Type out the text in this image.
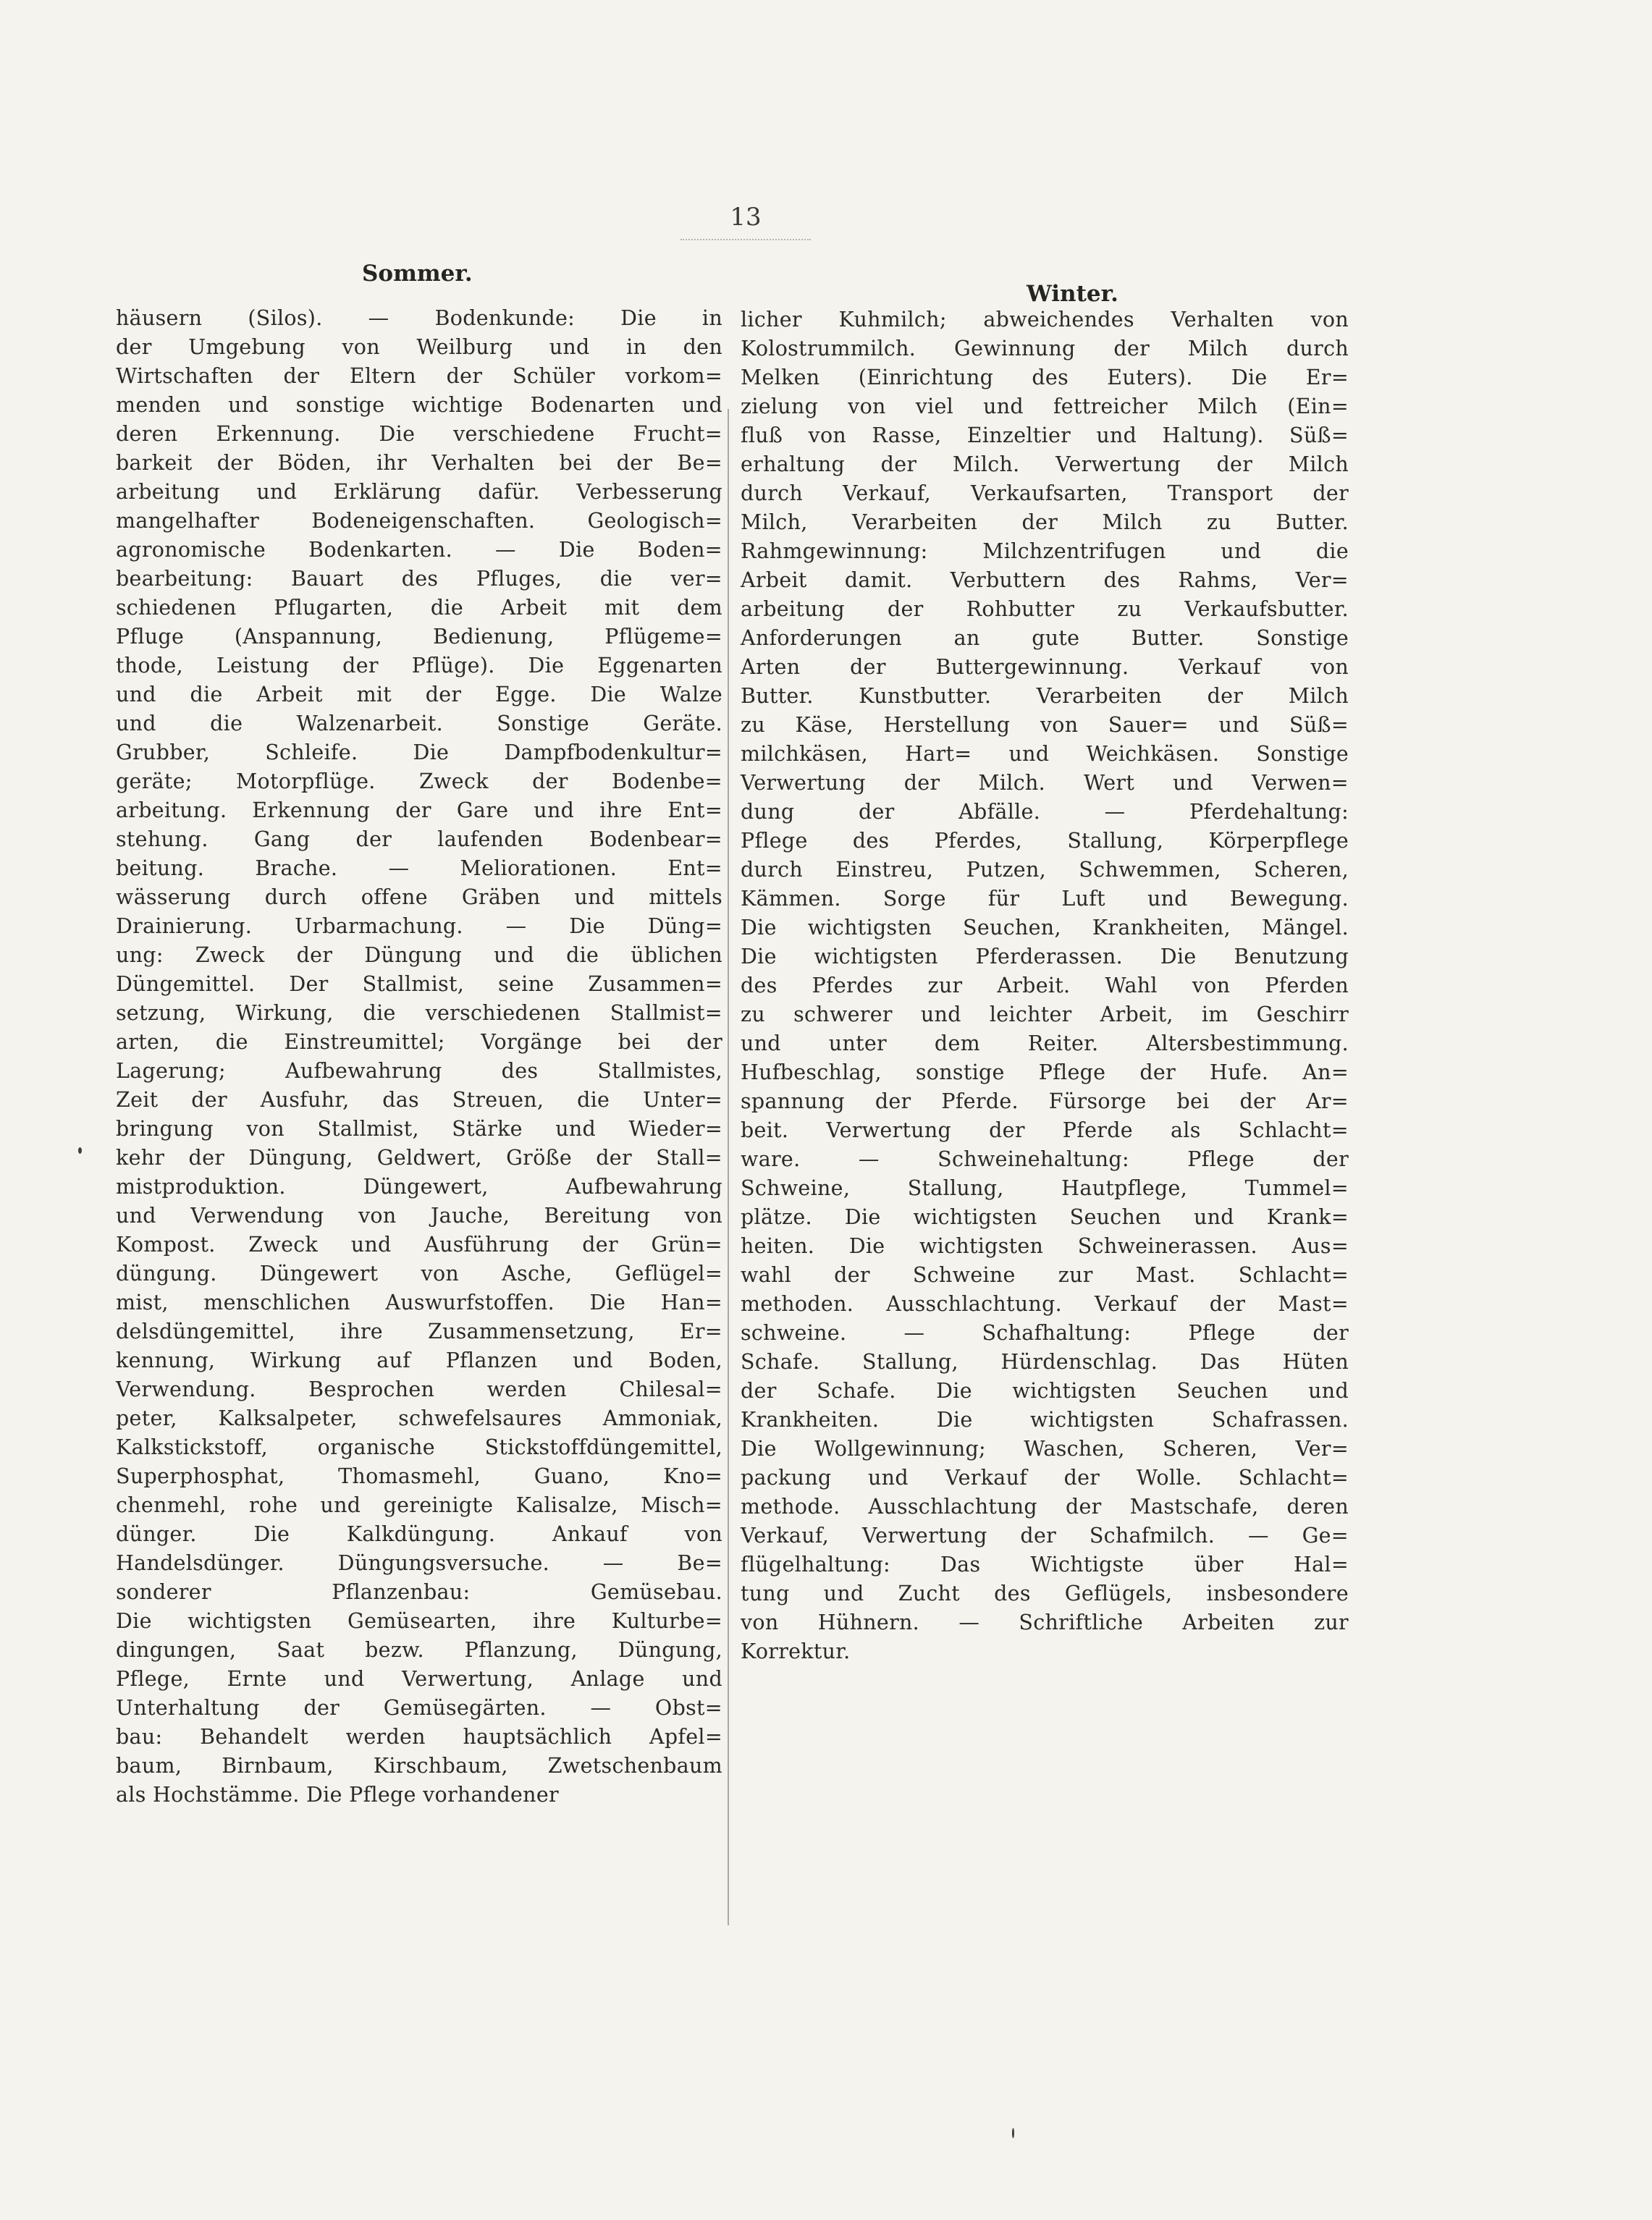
13
Sommer.
Winter.
häusern (Silos). — Bodenkunde: Die in
der Umgebung von Weilburg und in den
Wirtschaften der Eltern der Schüler vorkom=
menden und sonstige wichtige Bodenarten und
deren Erkennung. Die verschiedene Frucht=
barkeit der Böden, ihr Verhalten bei der Be=
arbeitung und Erklärung dafür. Verbesserung
mangelhafter Bodeneigenschaften. Geologisch=
agronomische Bodenkarten. — Die Boden=
bearbeitung: Bauart des Pfluges, die ver=
schiedenen Pflugarten, die Arbeit mit dem
Pfluge (Anspannung, Bedienung, Pflügeme=
thode, Leistung der Pflüge). Die Eggenarten
und die Arbeit mit der Egge. Die Walze
und die Walzenarbeit. Sonstige Geräte.
Grubber, Schleife. Die Dampfbodenkultur=
geräte; Motorpflüge. Zweck der Bodenbe=
arbeitung. Erkennung der Gare und ihre Ent=
stehung. Gang der laufenden Bodenbear=
beitung. Brache. — Meliorationen. Ent=
wässerung durch offene Gräben und mittels
Drainierung. Urbarmachung. — Die Düng=
ung: Zweck der Düngung und die üblichen
Düngemittel. Der Stallmist, seine Zusammen=
setzung, Wirkung, die verschiedenen Stallmist=
arten, die Einstreumittel; Vorgänge bei der
Lagerung; Aufbewahrung des Stallmistes,
Zeit der Ausfuhr, das Streuen, die Unter=
bringung von Stallmist, Stärke und Wieder=
kehr der Düngung, Geldwert, Größe der Stall=
mistproduktion. Düngewert, Aufbewahrung
und Verwendung von Jauche, Bereitung von
Kompost. Zweck und Ausführung der Grün=
düngung. Düngewert von Asche, Geflügel=
mist, menschlichen Auswurfstoffen. Die Han=
delsdüngemittel, ihre Zusammensetzung, Er=
kennung, Wirkung auf Pflanzen und Boden,
Verwendung. Besprochen werden Chilesal=
peter, Kalksalpeter, schwefelsaures Ammoniak,
Kalkstickstoff, organische Stickstoffdüngemittel,
Superphosphat, Thomasmehl, Guano, Kno=
chenmehl, rohe und gereinigte Kalisalze, Misch=
dünger. Die Kalkdüngung. Ankauf von
Handelsdünger. Düngungsversuche. — Be=
sonderer Pflanzenbau: Gemüsebau.
Die wichtigsten Gemüsearten, ihre Kulturbe=
dingungen, Saat bezw. Pflanzung, Düngung,
Pflege, Ernte und Verwertung, Anlage und
Unterhaltung der Gemüsegärten. — Obst=
bau: Behandelt werden hauptsächlich Apfel=
baum, Birnbaum, Kirschbaum, Zwetschenbaum
als Hochstämme. Die Pflege vorhandener
licher Kuhmilch; abweichendes Verhalten von
Kolostrummilch. Gewinnung der Milch durch
Melken (Einrichtung des Euters). Die Er=
zielung von viel und fettreicher Milch (Ein=
fluß von Rasse, Einzeltier und Haltung). Süß=
erhaltung der Milch. Verwertung der Milch
durch Verkauf, Verkaufsarten, Transport der
Milch, Verarbeiten der Milch zu Butter.
Rahmgewinnung: Milchzentrifugen und die
Arbeit damit. Verbuttern des Rahms, Ver=
arbeitung der Rohbutter zu Verkaufsbutter.
Anforderungen an gute Butter. Sonstige
Arten der Buttergewinnung. Verkauf von
Butter. Kunstbutter. Verarbeiten der Milch
zu Käse, Herstellung von Sauer= und Süß=
milchkäsen, Hart= und Weichkäsen. Sonstige
Verwertung der Milch. Wert und Verwen=
dung der Abfälle. — Pferdehaltung:
Pflege des Pferdes, Stallung, Körperpflege
durch Einstreu, Putzen, Schwemmen, Scheren,
Kämmen. Sorge für Luft und Bewegung.
Die wichtigsten Seuchen, Krankheiten, Mängel.
Die wichtigsten Pferderassen. Die Benutzung
des Pferdes zur Arbeit. Wahl von Pferden
zu schwerer und leichter Arbeit, im Geschirr
und unter dem Reiter. Altersbestimmung.
Hufbeschlag, sonstige Pflege der Hufe. An=
spannung der Pferde. Fürsorge bei der Ar=
beit. Verwertung der Pferde als Schlacht=
ware. — Schweinehaltung: Pflege der
Schweine, Stallung, Hautpflege, Tummel=
plätze. Die wichtigsten Seuchen und Krank=
heiten. Die wichtigsten Schweinerassen. Aus=
wahl der Schweine zur Mast. Schlacht=
methoden. Ausschlachtung. Verkauf der Mast=
schweine. — Schafhaltung: Pflege der
Schafe. Stallung, Hürdenschlag. Das Hüten
der Schafe. Die wichtigsten Seuchen und
Krankheiten. Die wichtigsten Schafrassen.
Die Wollgewinnung; Waschen, Scheren, Ver=
packung und Verkauf der Wolle. Schlacht=
methode. Ausschlachtung der Mastschafe, deren
Verkauf, Verwertung der Schafmilch. — Ge=
flügelhaltung: Das Wichtigste über Hal=
tung und Zucht des Geflügels, insbesondere
von Hühnern. — Schriftliche Arbeiten zur
Korrektur.
